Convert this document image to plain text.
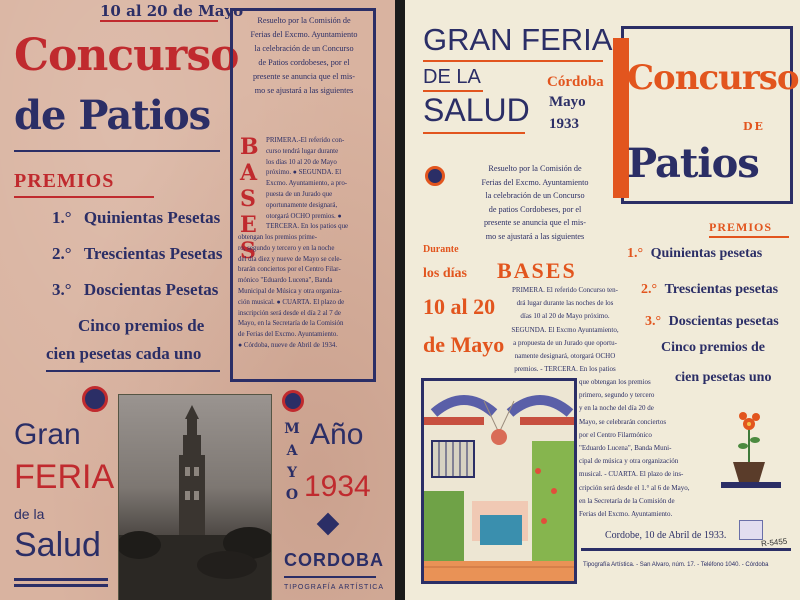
10 al 20 de Mayo
Concurso
de Patios
PREMIOS
1.° Quinientas Pesetas
2.° Trescientas Pesetas
3.° Doscientas Pesetas
Cinco premios de
cien pesetas cada uno
Resuelto por la Comisión de
Ferias del Excmo. Ayuntamiento
la celebración de un Concurso
de Patios cordobeses, por el
presente se anuncia que el mis-
mo se ajustará a las siguientes
B
A
S
E
S
PRIMERA.-El referido con-
curso tendrá lugar durante
los días 10 al 20 de Mayo
próximo. ● SEGUNDA. El
Excmo. Ayuntamiento, a pro-
puesta de un Jurado que
oportunamente designará,
otorgará OCHO premios. ●
TERCERA. En los patios que
obtengan los premios prime-
ro, segundo y tercero y en la noche
del día diez y nueve de Mayo se cele-
brarán conciertos por el Centro Filar-
mónico "Eduardo Lucena", Banda
Municipal de Música y otra organiza-
ción musical. ● CUARTA. El plazo de
inscripción será desde el día 2 al 7 de
Mayo, en la Secretaría de la Comisión
de Ferias del Excmo. Ayuntamiento.
● Córdoba, nueve de Abril de 1934.
Gran
FERIA
de la
Salud
M
A
Y
O
Año
1934
CORDOBA
TIPOGRAFÍA ARTÍSTICA
GRAN FERIA
DE LA
SALUD
Córdoba
Mayo
1933
Concurso
DE
Patios
Resuelto por la Comisión de
Ferias del Excmo. Ayuntamiento
la celebración de un Concurso
de patios Cordobeses, por el
presente se anuncia que el mis-
mo se ajustará a las siguientes
Durante
los días BASES
10 al 20
de Mayo
PRIMERA. El referido Concurso ten-
drá lugar durante las noches de los
días 10 al 20 de Mayo próximo.
SEGUNDA. El Excmo Ayuntamiento,
a propuesta de un Jurado que oportu-
namente designará, otorgará OCHO
premios. - TERCERA. En los patios
que obtengan los premios
primero, segundo y tercero
y en la noche del día 20 de
Mayo, se celebrarán conciertos
por el Centro Filarmónico
"Eduardo Lucena", Banda Muni-
cipal de música y otra organización
musical. - CUARTA. El plazo de ins-
cripción será desde el 1.° al 6 de Mayo,
en la Secretaría de la Comisión de
Ferias del Excmo. Ayuntamiento.
PREMIOS
1.° Quinientas pesetas
2.° Trescientas pesetas
3.° Doscientas pesetas
Cinco premios de
cien pesetas uno
Cordobe, 10 de Abril de 1933.
R-5455
Tipografía Artística. - San Alvaro, núm. 17. - Teléfono 1040. - Córdoba
